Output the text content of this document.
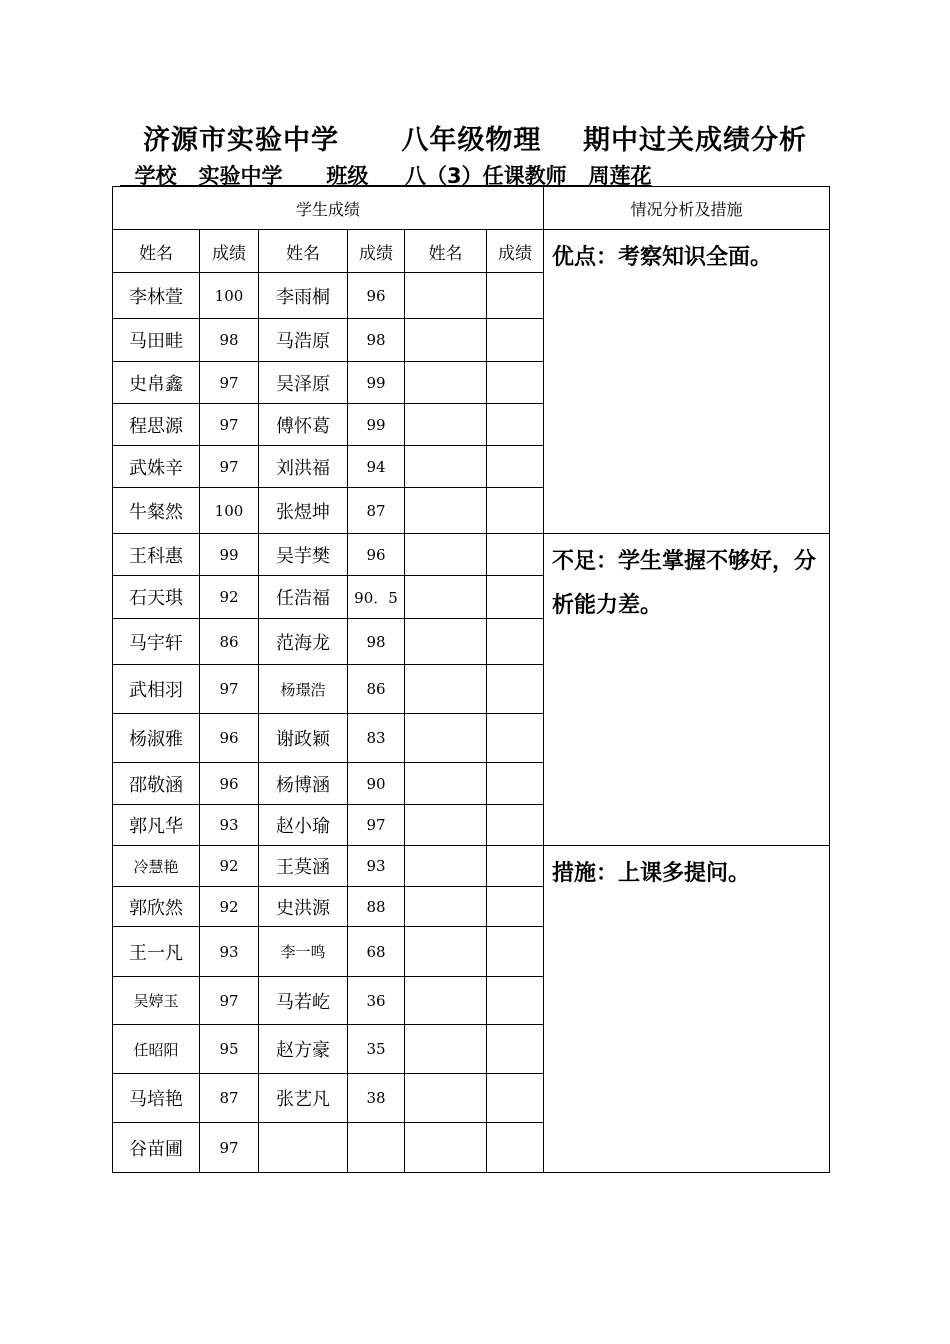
济源市实验中学      八年级物理    期中过关成绩分析
学校   实验中学      班级     八（3）任课教师   周莲花
学生成绩						情况分析及措施
姓名	成绩	姓名	成绩	姓名	成绩	优点：考察知识全面。
李林萱	100	李雨桐	96			
马田畦	98	马浩原	98			
史帛鑫	97	吴泽原	99			
程思源	97	傅怀葛	99			
武姝辛	97	刘洪福	94			
牛粲然	100	张煜坤	87			
王科惠	99	吴芋樊	96			不足：学生掌握不够好，分析能力差。
石天琪	92	任浩福	90．5			
马宇轩	86	范海龙	98			
武相羽	97	杨璟浩	86			
杨淑雅	96	谢政颖	83			
邵敬涵	96	杨博涵	90			
郭凡华	93	赵小瑜	97			
冷慧艳	92	王莫涵	93			措施：上课多提问。
郭欣然	92	史洪源	88			
王一凡	93	李一鸣	68			
吴婷玉	97	马若屹	36			
任昭阳	95	赵方豪	35			
马培艳	87	张艺凡	38			
谷苗圃	97					
